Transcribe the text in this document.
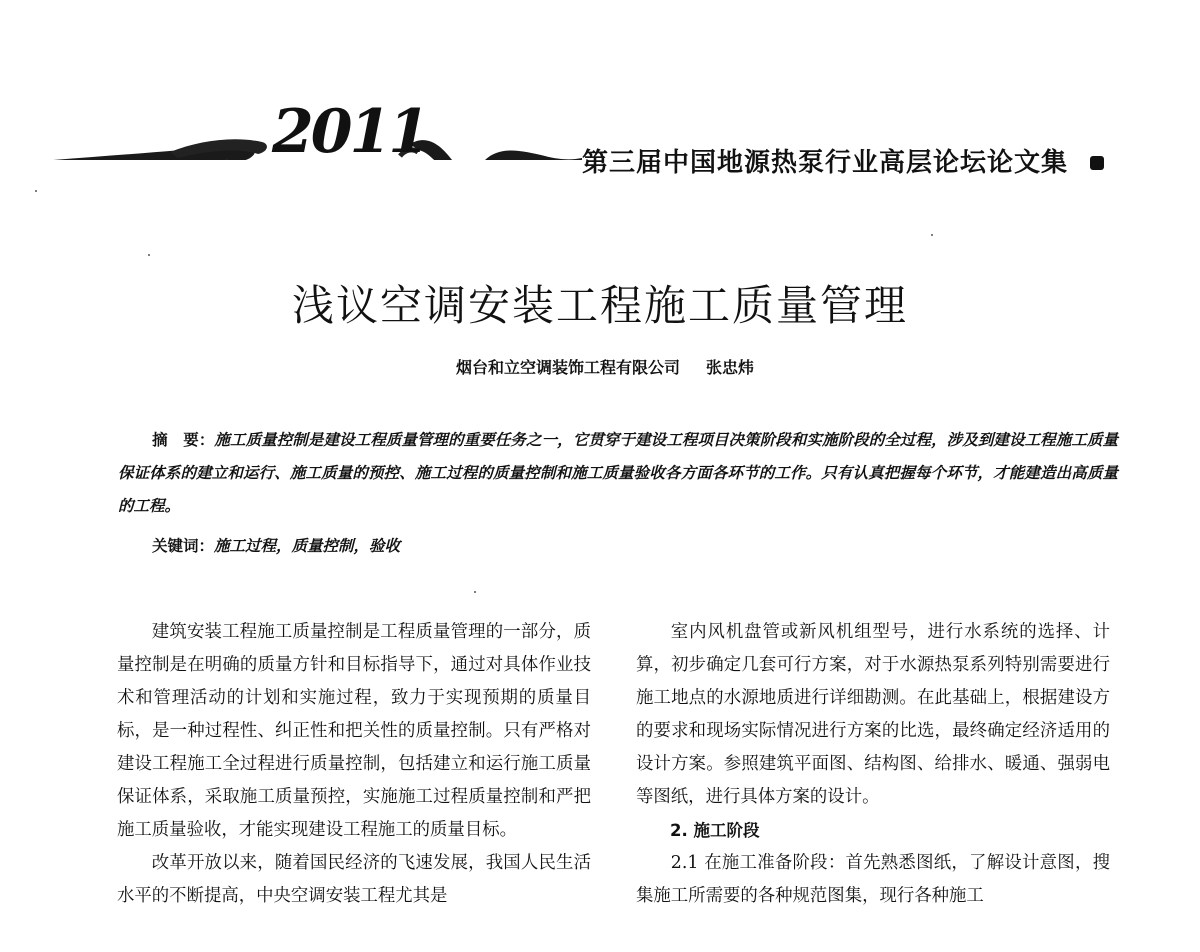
2011	第三届中国地源热泵行业高层论坛论文集
浅议空调安装工程施工质量管理
烟台和立空调装饰工程有限公司 张忠炜
摘　要：施工质量控制是建设工程质量管理的重要任务之一，它贯穿于建设工程项目决策阶段和实施阶段的全过程，涉及到建设工程施工质量保证体系的建立和运行、施工质量的预控、施工过程的质量控制和施工质量验收各方面各环节的工作。只有认真把握每个环节，才能建造出高质量的工程。
关键词：施工过程，质量控制，验收

建筑安装工程施工质量控制是工程质量管理的一部分，质量控制是在明确的质量方针和目标指导下，通过对具体作业技术和管理活动的计划和实施过程，致力于实现预期的质量目标，是一种过程性、纠正性和把关性的质量控制。只有严格对建设工程施工全过程进行质量控制，包括建立和运行施工质量保证体系，采取施工质量预控，实施施工过程质量控制和严把施工质量验收，才能实现建设工程施工的质量目标。

改革开放以来，随着国民经济的飞速发展，我国人民生活水平的不断提高，中央空调安装工程尤其是

室内风机盘管或新风机组型号，进行水系统的选择、计算，初步确定几套可行方案，对于水源热泵系列特别需要进行施工地点的水源地质进行详细勘测。在此基础上，根据建设方的要求和现场实际情况进行方案的比选，最终确定经济适用的设计方案。参照建筑平面图、结构图、给排水、暖通、强弱电等图纸，进行具体方案的设计。

2. 施工阶段

2.1 在施工准备阶段：首先熟悉图纸，了解设计意图，搜集施工所需要的各种规范图集，现行各种施工
